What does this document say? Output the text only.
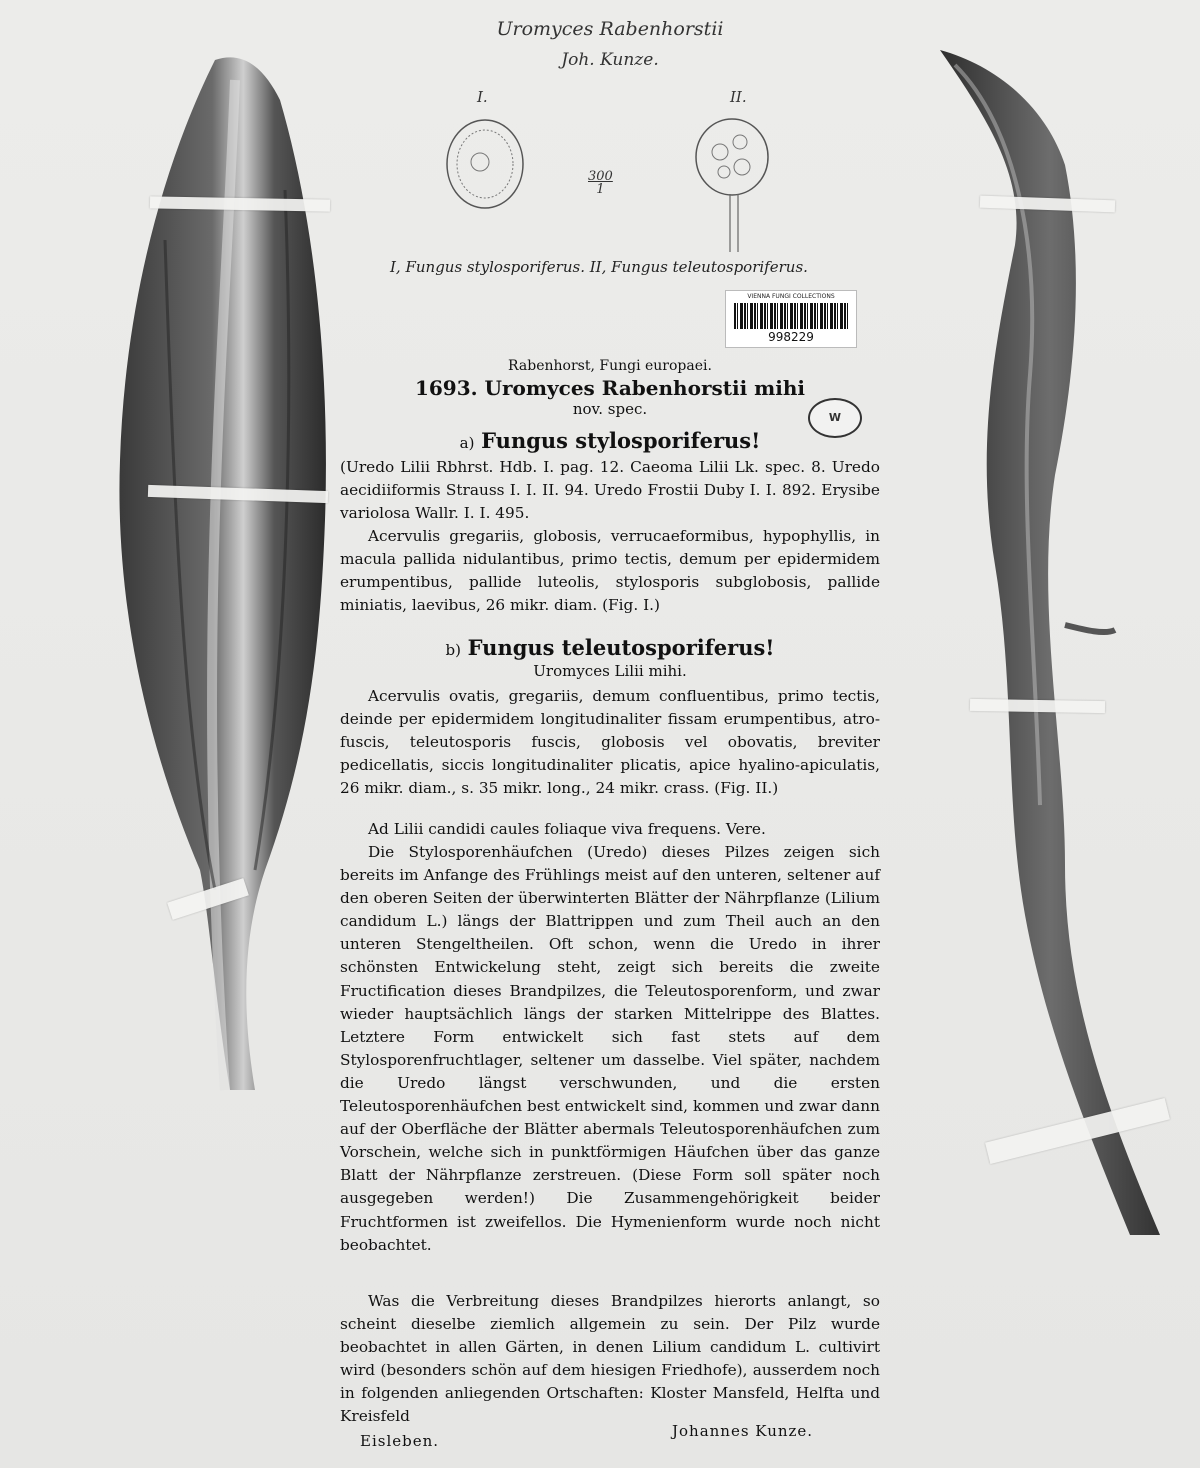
Uromyces Rabenhorstii
Joh. Kunze.
I.	II.
300
1
I, Fungus stylosporiferus. II, Fungus teleutosporiferus.
VIENNA FUNGI COLLECTIONS
998229
Rabenhorst, Fungi europaei.
1693. Uromyces Rabenhorstii mihi
nov. spec.	W
a) Fungus stylosporiferus!
(Uredo Lilii Rbhrst. Hdb. I. pag. 12. Caeoma Lilii Lk. spec. 8. Uredo aecidiiformis Strauss I. I. II. 94. Uredo Frostii Duby I. I. 892. Erysibe variolosa Wallr. I. I. 495.
Acervulis gregariis, globosis, verrucaeformibus, hypophyllis, in macula pallida nidulantibus, primo tectis, demum per epidermidem erumpentibus, pallide luteolis, stylosporis subglobosis, pallide miniatis, laevibus, 26 mikr. diam. (Fig. I.)
b) Fungus teleutosporiferus!
Uromyces Lilii mihi.
Acervulis ovatis, gregariis, demum confluentibus, primo tectis, deinde per epidermidem longitudinaliter fissam erumpentibus, atro-fuscis, teleutosporis fuscis, globosis vel obovatis, breviter pedicellatis, siccis longitudinaliter plicatis, apice hyalino-apiculatis, 26 mikr. diam., s. 35 mikr. long., 24 mikr. crass. (Fig. II.)
Ad Lilii candidi caules foliaque viva frequens. Vere.
Die Stylosporenhäufchen (Uredo) dieses Pilzes zeigen sich bereits im Anfange des Frühlings meist auf den unteren, seltener auf den oberen Seiten der überwinterten Blätter der Nährpflanze (Lilium candidum L.) längs der Blattrippen und zum Theil auch an den unteren Stengeltheilen. Oft schon, wenn die Uredo in ihrer schönsten Entwickelung steht, zeigt sich bereits die zweite Fructification dieses Brandpilzes, die Teleutosporenform, und zwar wieder hauptsächlich längs der starken Mittelrippe des Blattes. Letztere Form entwickelt sich fast stets auf dem Stylosporenfruchtlager, seltener um dasselbe. Viel später, nachdem die Uredo längst verschwunden, und die ersten Teleutosporenhäufchen best entwickelt sind, kommen und zwar dann auf der Oberfläche der Blätter abermals Teleutosporenhäufchen zum Vorschein, welche sich in punktförmigen Häufchen über das ganze Blatt der Nährpflanze zerstreuen. (Diese Form soll später noch ausgegeben werden!) Die Zusammengehörigkeit beider Fruchtformen ist zweifellos. Die Hymenienform wurde noch nicht beobachtet.
Was die Verbreitung dieses Brandpilzes hierorts anlangt, so scheint dieselbe ziemlich allgemein zu sein. Der Pilz wurde beobachtet in allen Gärten, in denen Lilium candidum L. cultivirt wird (besonders schön auf dem hiesigen Friedhofe), ausserdem noch in folgenden anliegenden Ortschaften: Kloster Mansfeld, Helfta und Kreisfeld
Eisleben.
Johannes Kunze.
